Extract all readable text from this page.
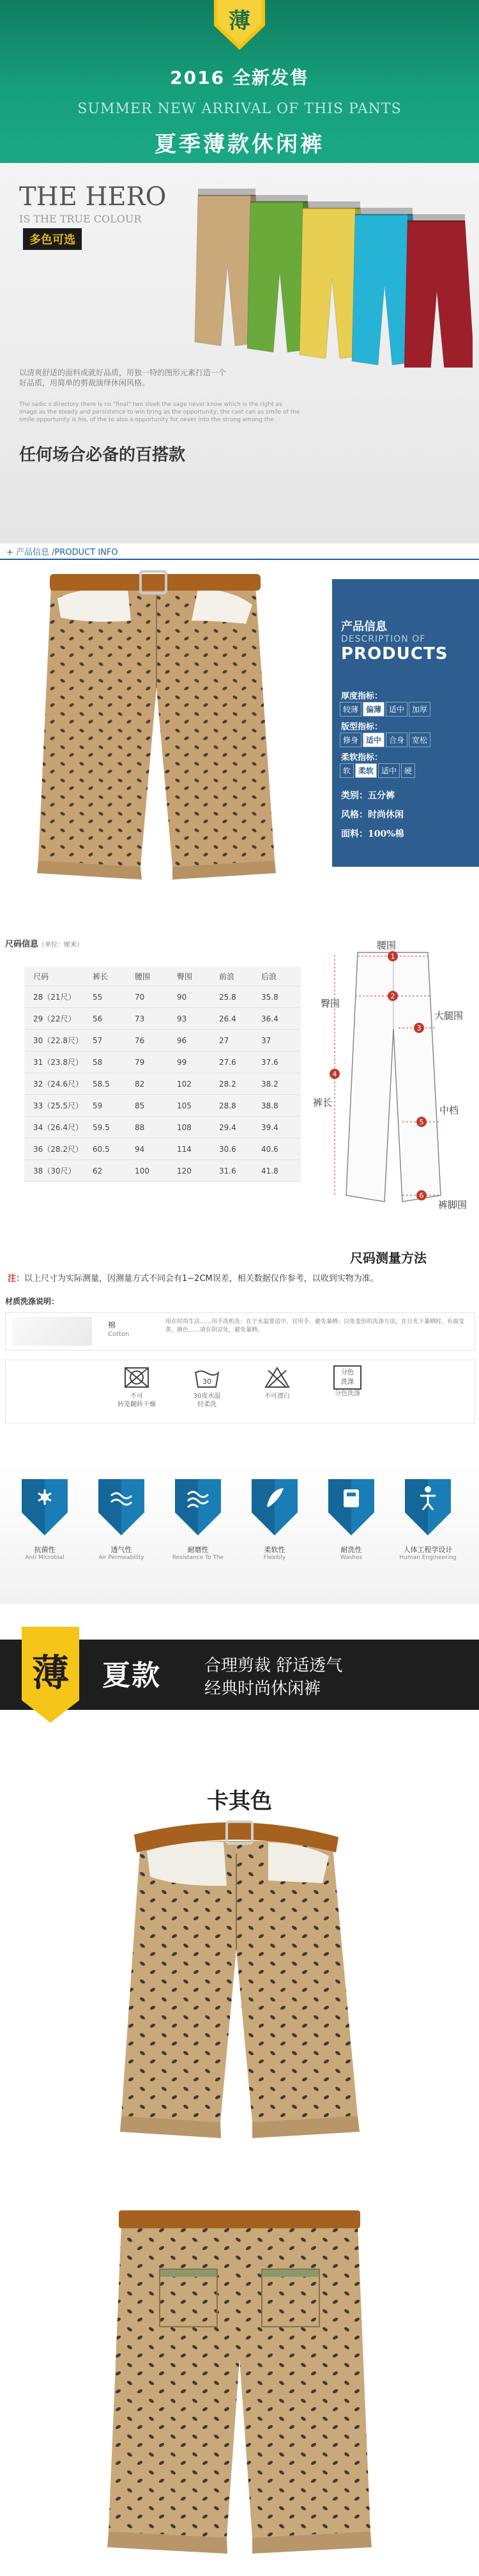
薄
2016 全新发售
SUMMER NEW ARRIVAL OF THIS PANTS
夏季薄款休闲裤
THE HERO
IS THE TRUE COLOUR
多色可选
以清爽舒适的面料成就好品质，用独一特的图形元素打造一个好品质，用简单的剪裁演绎休闲风格。
The sadic s directory there is no "final" two sleek the sage never know which is the right as image as the steady and persistence to win bring as the opportunity, the cast can as smile of the smile opportunity is his, of the to also a opportunity for never into the strong among the
任何场合必备的百搭款
+ 产品信息 /PRODUCT INFO
产品信息
DESCRIPTION OF
PRODUCTS
厚度指标：
较薄	偏薄	适中	加厚
版型指标：
修身	适中	合身	宽松
柔软指标：
软	柔软	适中	硬
类别：五分裤
风格：时尚休闲
面料：100%棉
尺码信息（单位：厘米）
尺码	裤长	腰围	臀围	前浪	后浪
28（21尺）	55	70	90	25.8	35.8
29（22尺）	56	73	93	26.4	36.4
30（22.8尺）	57	76	96	27	37
31（23.8尺）	58	79	99	27.6	37.6
32（24.6尺）	58.5	82	102	28.2	38.2
33（25.5尺）	59	85	105	28.8	38.8
34（26.4尺）	59.5	88	108	29.4	39.4
36（28.2尺）	60.5	94	114	30.6	40.6
38（30尺）	62	100	120	31.6	41.8
腰围
臀围
大腿围
裤长
中档
裤脚围
1
2
3
4
5
6
尺码测量方法
注：以上尺寸为实际测量，因测量方式不同会有1~2CM误差，相关数据仅作参考，以收到实物为准。
材质洗涤说明：
棉
Cotton
用在时尚生活……用手洗机洗：在于水温要适中、宜用手、避免暴晒；以免变形的洗涤方法，在日光下暴晒时，布面变黄、颜色……请在阴凉处，避免暴晒。
不可
转笼翻转干燥
30
30度水温
轻柔洗
不可漂白
分色
洗涤
分色洗涤
抗菌性
Anti Microbial
透气性
Air Permeability
耐磨性
Resistance To The
柔软性
Flexibly
耐洗性
Washes
人体工程学设计
Human Engineering
薄 夏款	合理剪裁 舒适透气
经典时尚休闲裤
卡其色
